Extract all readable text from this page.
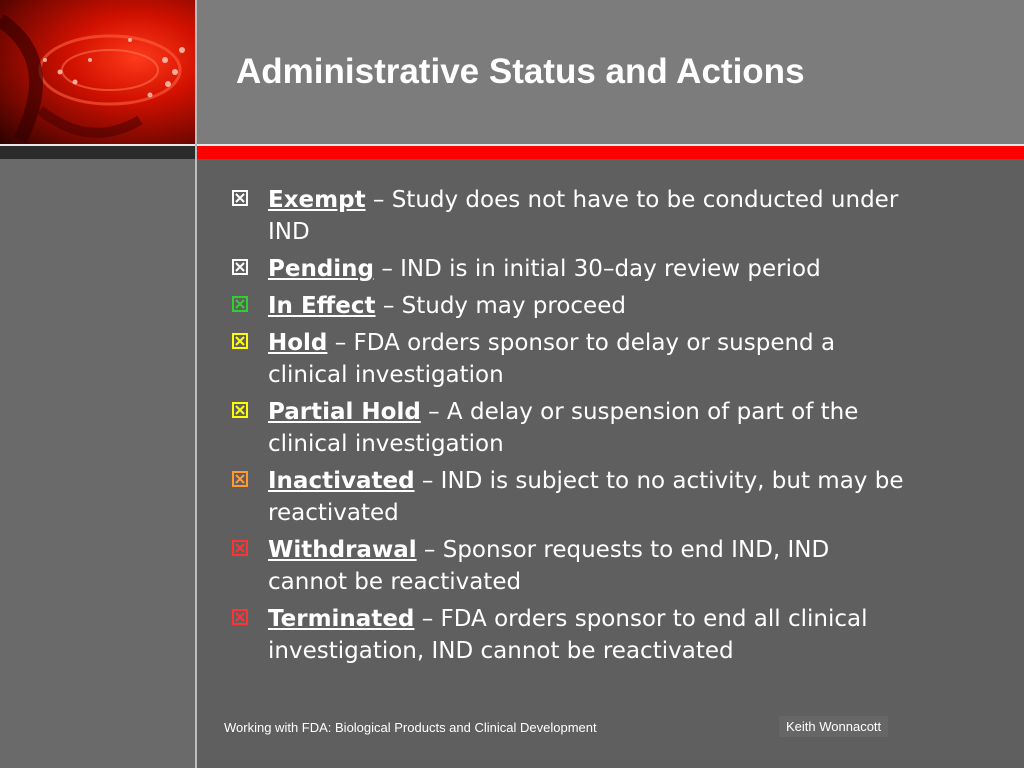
Administrative Status and Actions
Exempt – Study does not have to be conducted under IND
Pending – IND is in initial 30–day review period
In Effect – Study may proceed
Hold – FDA orders sponsor to delay or suspend a clinical investigation
Partial Hold – A delay or suspension of part of the clinical investigation
Inactivated – IND is subject to no activity, but may be reactivated
Withdrawal – Sponsor requests to end IND, IND cannot be reactivated
Terminated – FDA orders sponsor to end all clinical investigation, IND cannot be reactivated
Working with FDA: Biological Products and Clinical Development	Keith Wonnacott
